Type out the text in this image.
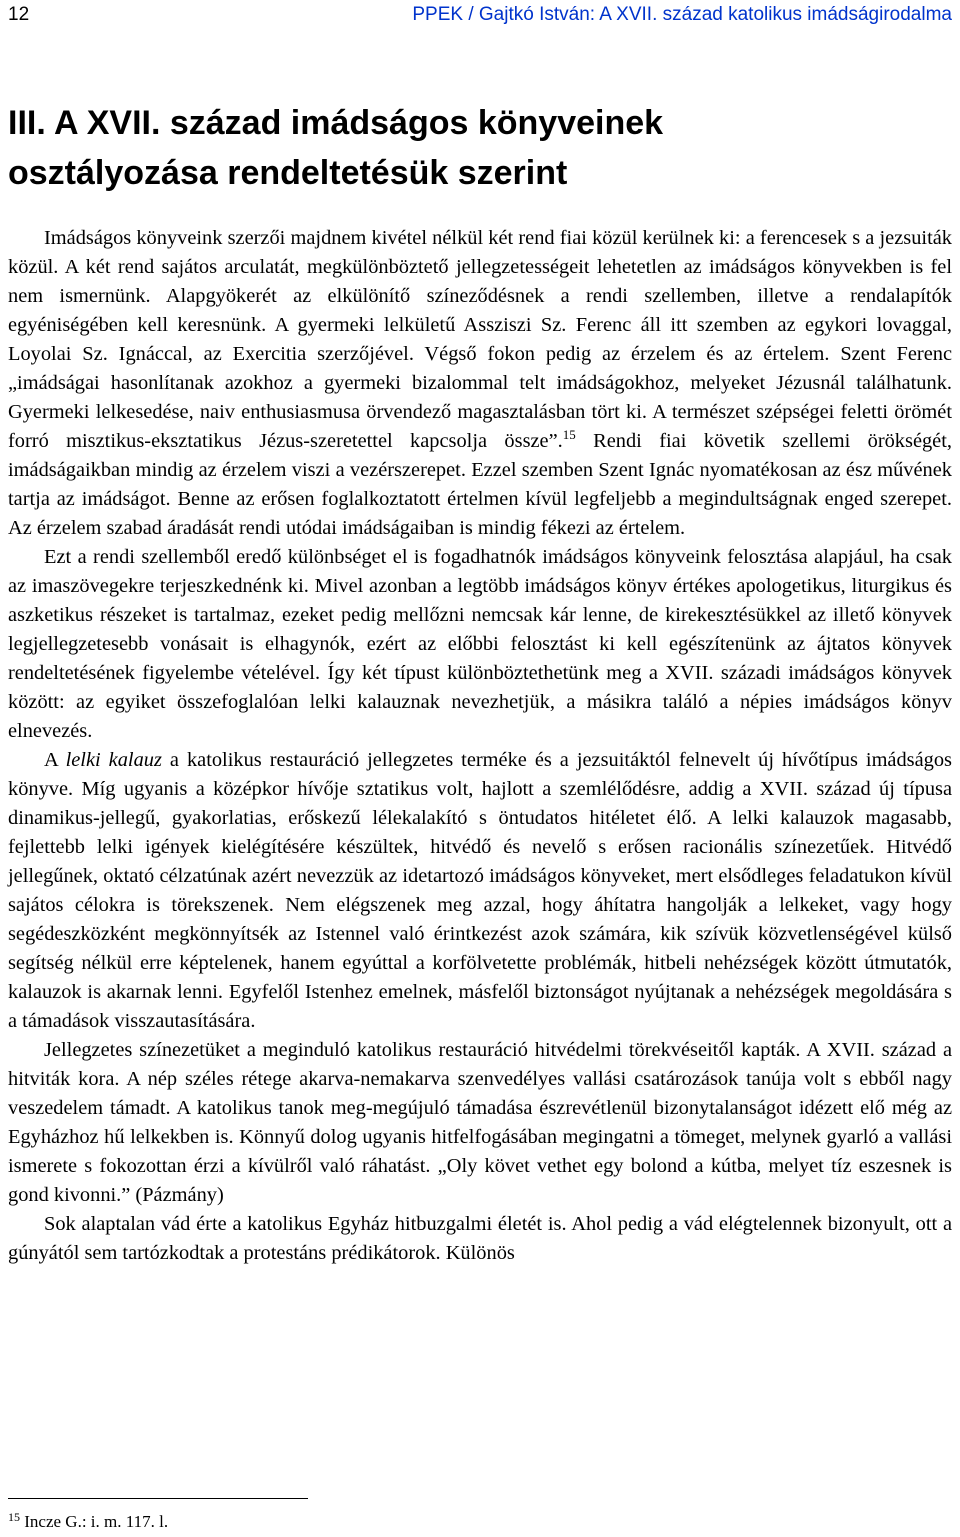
12	PPEK / Gajtkó István: A XVII. század katolikus imádságirodalma
III. A XVII. század imádságos könyveinek
osztályozása rendeltetésük szerint

Imádságos könyveink szerzői majdnem kivétel nélkül két rend fiai közül kerülnek ki: a ferencesek s a jezsuiták közül. A két rend sajátos arculatát, megkülönböztető jellegzetességeit lehetetlen az imádságos könyvekben is fel nem ismernünk. Alapgyökerét az elkülönítő színeződésnek a rendi szellemben, illetve a rendalapítók egyéniségében kell keresnünk. A gyermeki lelkületű Assziszi Sz. Ferenc áll itt szemben az egykori lovaggal, Loyolai Sz. Ignáccal, az Exercitia szerzőjével. Végső fokon pedig az érzelem és az értelem. Szent Ferenc „imádságai hasonlítanak azokhoz a gyermeki bizalommal telt imádságokhoz, melyeket Jézusnál találhatunk. Gyermeki lelkesedése, naiv enthusiasmusa örvendező magasztalásban tört ki. A természet szépségei feletti örömét forró misztikus-eksztatikus Jézus-szeretettel kapcsolja össze”.$^{15}$ Rendi fiai követik szellemi örökségét, imádságaikban mindig az érzelem viszi a vezérszerepet. Ezzel szemben Szent Ignác nyomatékosan az ész művének tartja az imádságot. Benne az erősen foglalkoztatott értelmen kívül legfeljebb a megindultságnak enged szerepet. Az érzelem szabad áradását rendi utódai imádságaiban is mindig fékezi az értelem.

Ezt a rendi szellemből eredő különbséget el is fogadhatnók imádságos könyveink felosztása alapjául, ha csak az imaszövegekre terjeszkednénk ki. Mivel azonban a legtöbb imádságos könyv értékes apologetikus, liturgikus és aszketikus részeket is tartalmaz, ezeket pedig mellőzni nemcsak kár lenne, de kirekesztésükkel az illető könyvek legjellegzetesebb vonásait is elhagynók, ezért az előbbi felosztást ki kell egészítenünk az ájtatos könyvek rendeltetésének figyelembe vételével. Így két típust különböztethetünk meg a XVII. századi imádságos könyvek között: az egyiket összefoglalóan lelki kalauznak nevezhetjük, a másikra találó a népies imádságos könyv elnevezés.

A lelki kalauz a katolikus restauráció jellegzetes terméke és a jezsuitáktól felnevelt új hívőtípus imádságos könyve. Míg ugyanis a középkor hívője sztatikus volt, hajlott a szemlélődésre, addig a XVII. század új típusa dinamikus-jellegű, gyakorlatias, erőskezű lélekalakító s öntudatos hitéletet élő. A lelki kalauzok magasabb, fejlettebb lelki igények kielégítésére készültek, hitvédő és nevelő s erősen racionális színezetűek. Hitvédő jellegűnek, oktató célzatúnak azért nevezzük az idetartozó imádságos könyveket, mert elsődleges feladatukon kívül sajátos célokra is törekszenek. Nem elégszenek meg azzal, hogy áhítatra hangolják a lelkeket, vagy hogy segédeszközként megkönnyítsék az Istennel való érintkezést azok számára, kik szívük közvetlenségével külső segítség nélkül erre képtelenek, hanem egyúttal a korfölvetette problémák, hitbeli nehézségek között útmutatók, kalauzok is akarnak lenni. Egyfelől Istenhez emelnek, másfelől biztonságot nyújtanak a nehézségek megoldására s a támadások visszautasítására.

Jellegzetes színezetüket a meginduló katolikus restauráció hitvédelmi törekvéseitől kapták. A XVII. század a hitviták kora. A nép széles rétege akarva-nemakarva szenvedélyes vallási csatározások tanúja volt s ebből nagy veszedelem támadt. A katolikus tanok meg-megújuló támadása észrevétlenül bizonytalanságot idézett elő még az Egyházhoz hű lelkekben is. Könnyű dolog ugyanis hitfelfogásában megingatni a tömeget, melynek gyarló a vallási ismerete s fokozottan érzi a kívülről való ráhatást. „Oly követ vethet egy bolond a kútba, melyet tíz eszesnek is gond kivonni.” (Pázmány)

Sok alaptalan vád érte a katolikus Egyház hitbuzgalmi életét is. Ahol pedig a vád elégtelennek bizonyult, ott a gúnyától sem tartózkodtak a protestáns prédikátorok. Különös

$^{15}$ Incze G.: i. m. 117. l.
